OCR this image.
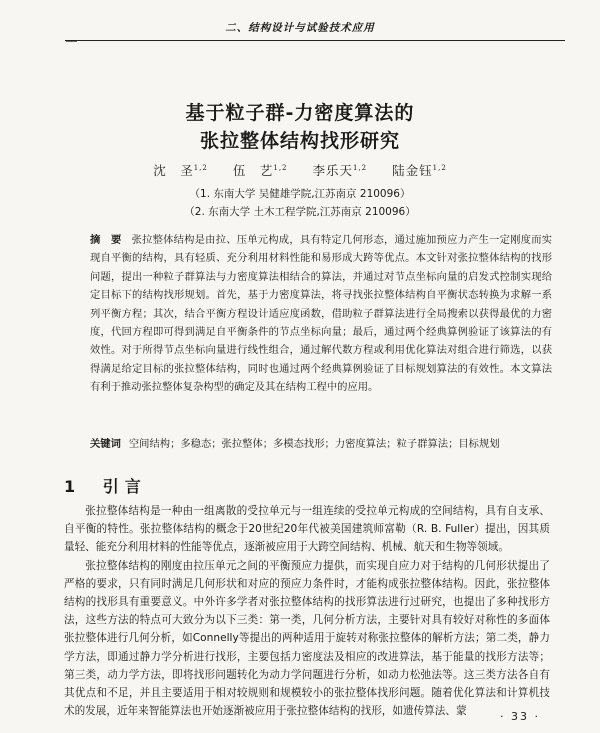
二、结构设计与试验技术应用
——
基于粒子群-力密度算法的
张拉整体结构找形研究
沈　圣$^{1,2}$ 伍　艺$^{1,2}$ 李乐天$^{1,2}$ 陆金钰$^{1,2}$
（1. 东南大学 吴健雄学院,江苏南京 210096）
（2. 东南大学 土木工程学院,江苏南京 210096）
摘　要 张拉整体结构是由拉、压单元构成，具有特定几何形态，通过施加预应力产生一定刚度而实现自平衡的结构，具有轻质、充分利用材料性能和易形成大跨等优点。本文针对张拉整体结构的找形问题，提出一种粒子群算法与力密度算法相结合的算法，并通过对节点坐标向量的启发式控制实现给定目标下的结构找形规划。首先，基于力密度算法，将寻找张拉整体结构自平衡状态转换为求解一系列平衡方程；其次，结合平衡方程设计适应度函数，借助粒子群算法进行全局搜索以获得最优的力密度，代回方程即可得到满足自平衡条件的节点坐标向量；最后，通过两个经典算例验证了该算法的有效性。对于所得节点坐标向量进行线性组合，通过解代数方程或利用优化算法对组合进行筛选，以获得满足给定目标的张拉整体结构，同时也通过两个经典算例验证了目标规划算法的有效性。本文算法有利于推动张拉整体复杂构型的确定及其在结构工程中的应用。
关键词 空间结构；多稳态；张拉整体；多模态找形；力密度算法；粒子群算法；目标规划
1 引言

张拉整体结构是一种由一组离散的受拉单元与一组连续的受拉单元构成的空间结构，具有自支承、自平衡的特性。张拉整体结构的概念于20世纪20年代被美国建筑师富勒（R. B. Fuller）提出，因其质量轻、能充分利用材料的性能等优点，逐渐被应用于大跨空间结构、机械、航天和生物等领域。

张拉整体结构的刚度由拉压单元之间的平衡预应力提供，而实现自应力对于结构的几何形状提出了严格的要求，只有同时满足几何形状和对应的预应力条件时，才能构成张拉整体结构。因此，张拉整体结构的找形具有重要意义。中外许多学者对张拉整体结构的找形算法进行过研究，也提出了多种找形方法，这些方法的特点可大致分为以下三类：第一类，几何分析方法，主要针对具有较好对称性的多面体张拉整体进行几何分析，如Connelly等提出的两种适用于旋转对称张拉整体的解析方法；第二类，静力学方法，即通过静力学分析进行找形，主要包括力密度法及相应的改进算法，基于能量的找形方法等；第三类，动力学方法，即将找形问题转化为动力学问题进行分析，如动力松弛法等。这三类方法各自有其优点和不足，并且主要适用于相对较规则和规模较小的张拉整体找形问题。随着优化算法和计算机技术的发展，近年来智能算法也开始逐渐被应用于张拉整体结构的找形，如遗传算法、蒙	· 33 ·
